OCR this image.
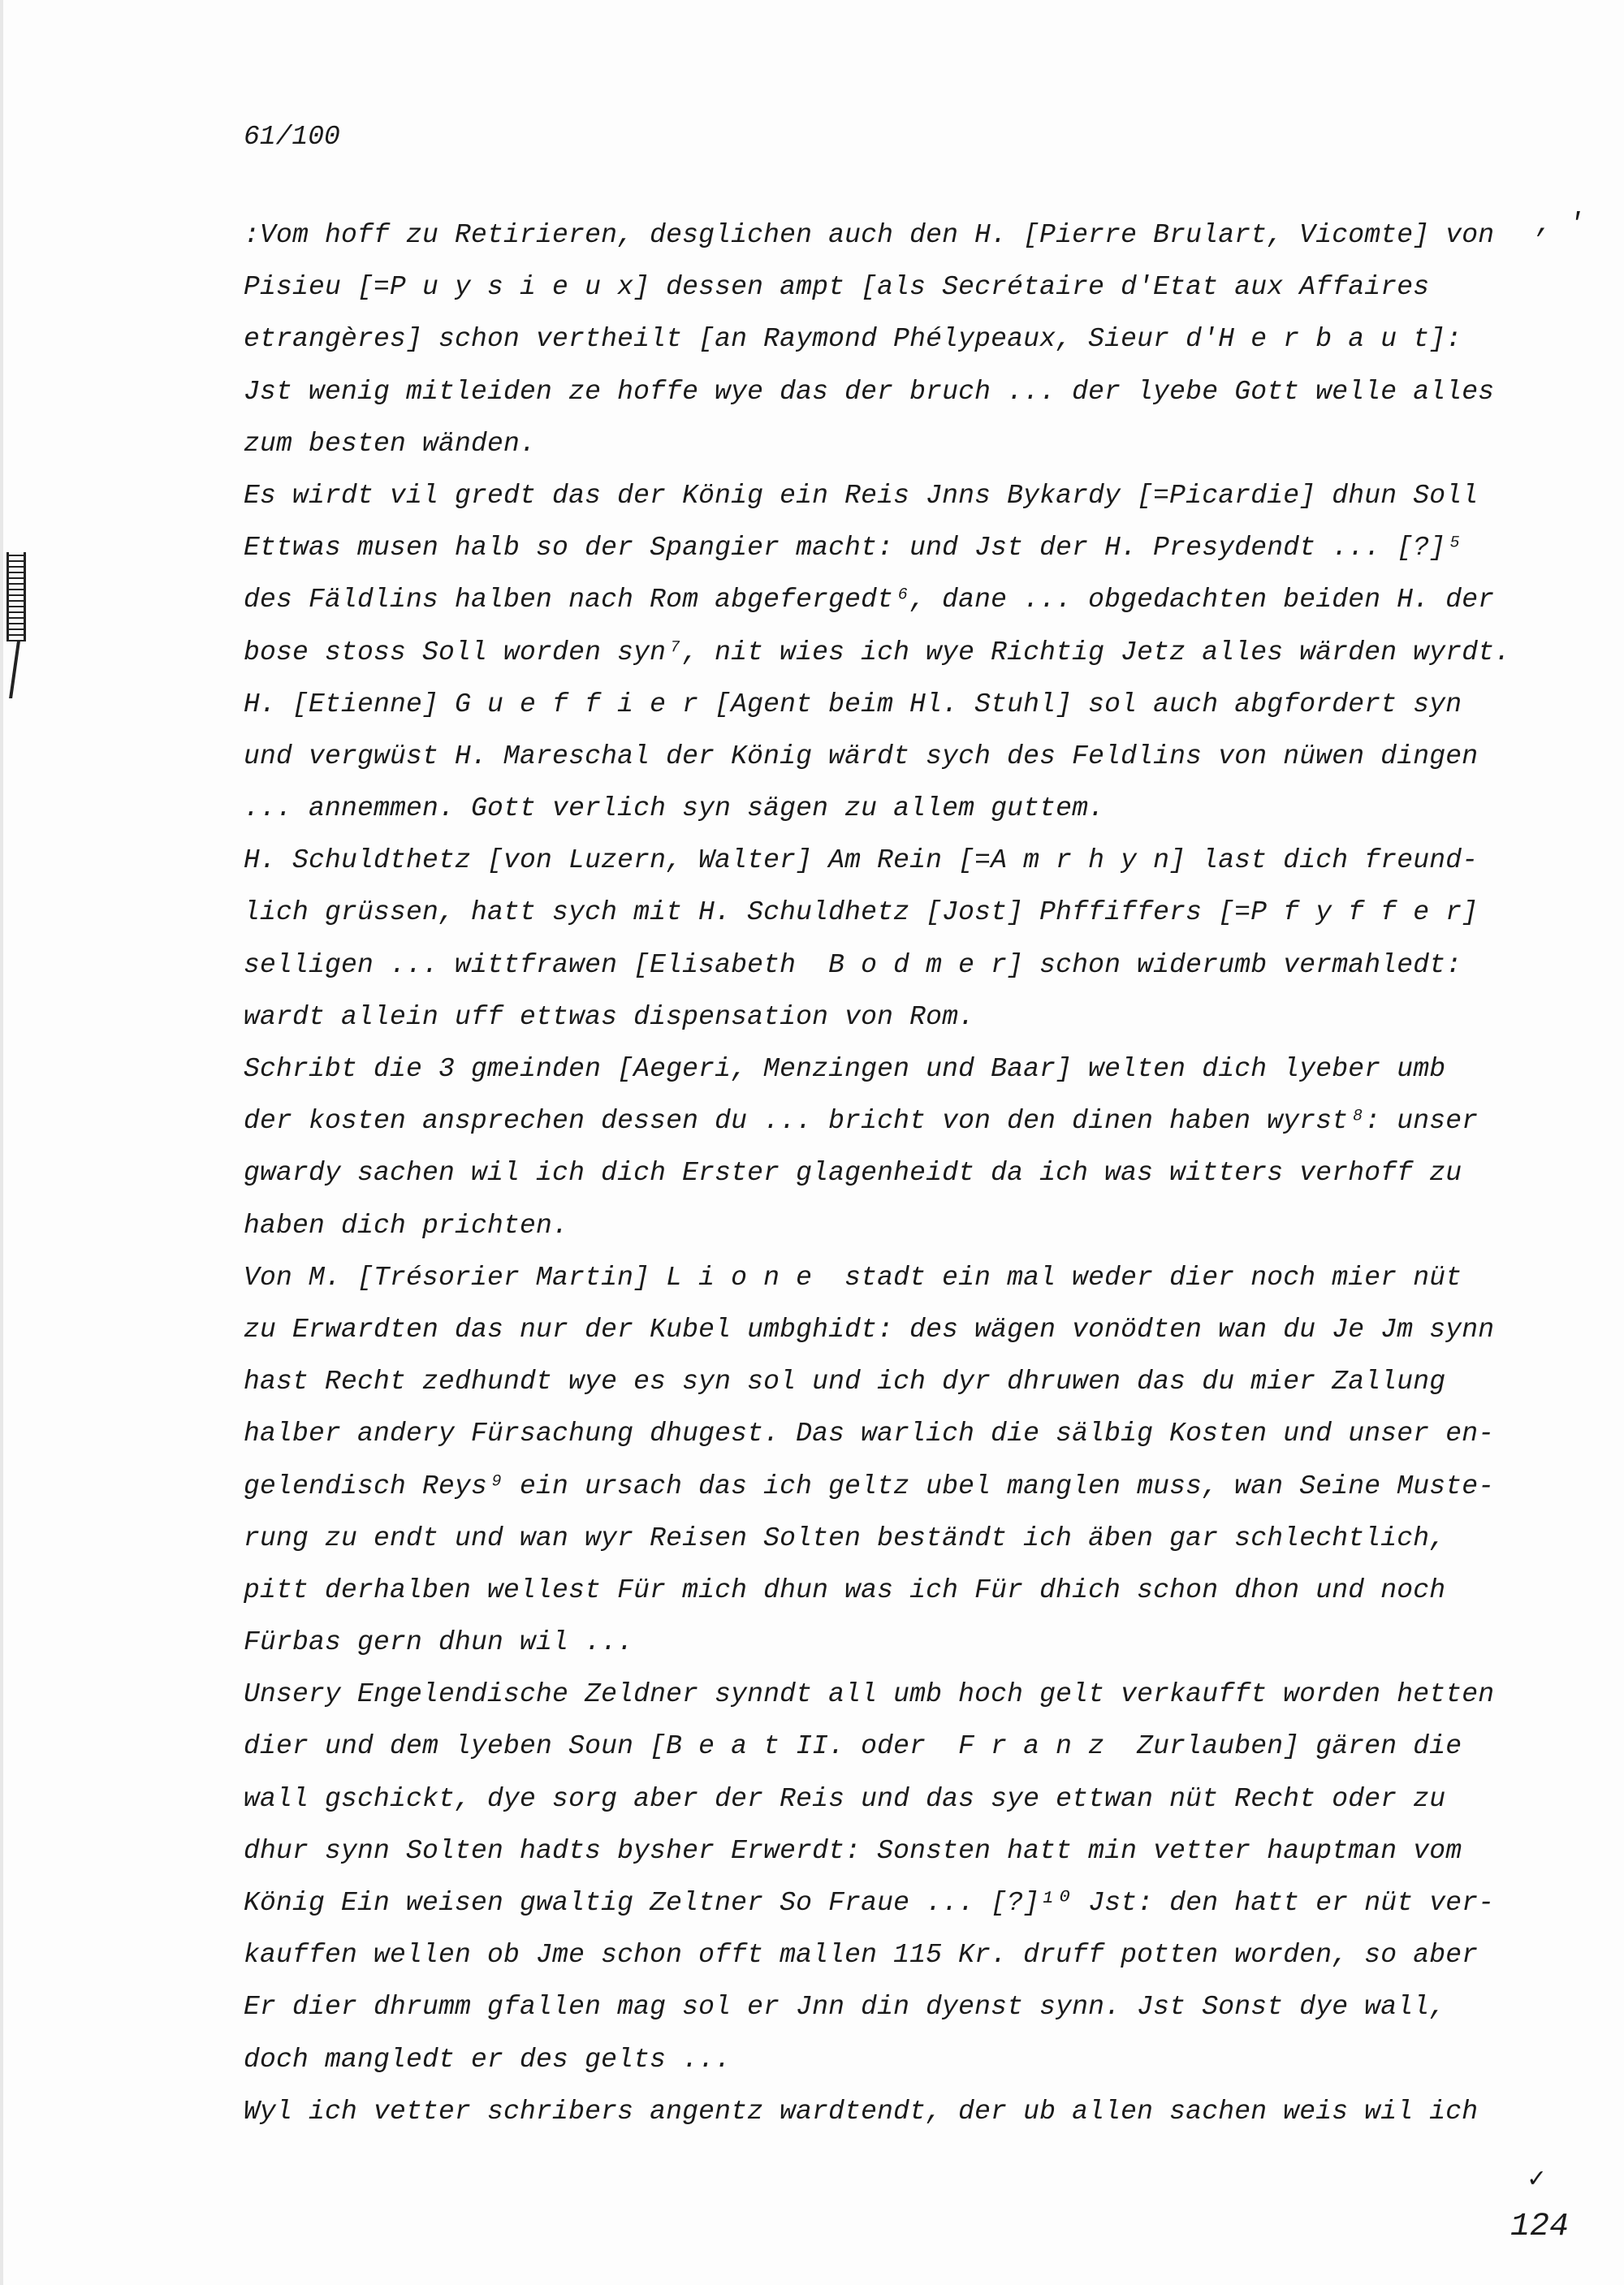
61/100
‚ '
:Vom hoff zu Retirieren, desglichen auch den H. [Pierre Brulart, Vicomte] von
Pisieu [=P u y s i e u x] dessen ampt [als Secrétaire d'Etat aux Affaires
etrangères] schon vertheilt [an Raymond Phélypeaux, Sieur d'H e r b a u t]:
Jst wenig mitleiden ze hoffe wye das der bruch ... der lyebe Gott welle alles
zum besten wänden.
Es wirdt vil gredt das der König ein Reis Jnns Bykardy [=Picardie] dhun Soll
Ettwas musen halb so der Spangier macht: und Jst der H. Presydendt ... [?]⁵
des Fäldlins halben nach Rom abgefergedt⁶, dane ... obgedachten beiden H. der
bose stoss Soll worden syn⁷, nit wies ich wye Richtig Jetz alles wärden wyrdt.
H. [Etienne] G u e f f i e r [Agent beim Hl. Stuhl] sol auch abgfordert syn
und vergwüst H. Mareschal der König wärdt sych des Feldlins von nüwen dingen
... annemmen. Gott verlich syn sägen zu allem guttem.
H. Schuldthetz [von Luzern, Walter] Am Rein [=A m r h y n] last dich freund-
lich grüssen, hatt sych mit H. Schuldhetz [Jost] Phffiffers [=P f y f f e r]
selligen ... wittfrawen [Elisabeth  B o d m e r] schon widerumb vermahledt:
wardt allein uff ettwas dispensation von Rom.
Schribt die 3 gmeinden [Aegeri, Menzingen und Baar] welten dich lyeber umb
der kosten ansprechen dessen du ... bricht von den dinen haben wyrst⁸: unser
gwardy sachen wil ich dich Erster glagenheidt da ich was witters verhoff zu
haben dich prichten.
Von M. [Trésorier Martin] L i o n e  stadt ein mal weder dier noch mier nüt
zu Erwardten das nur der Kubel umbghidt: des wägen vonödten wan du Je Jm synn
hast Recht zedhundt wye es syn sol und ich dyr dhruwen das du mier Zallung
halber andery Fürsachung dhugest. Das warlich die sälbig Kosten und unser en-
gelendisch Reys⁹ ein ursach das ich geltz ubel manglen muss, wan Seine Muste-
rung zu endt und wan wyr Reisen Solten beständt ich äben gar schlechtlich,
pitt derhalben wellest Für mich dhun was ich Für dhich schon dhon und noch
Fürbas gern dhun wil ...
Unsery Engelendische Zeldner synndt all umb hoch gelt verkaufft worden hetten
dier und dem lyeben Soun [B e a t II. oder  F r a n z  Zurlauben] gären die
wall gschickt, dye sorg aber der Reis und das sye ettwan nüt Recht oder zu
dhur synn Solten hadts bysher Erwerdt: Sonsten hatt min vetter hauptman vom
König Ein weisen gwaltig Zeltner So Fraue ... [?]¹⁰ Jst: den hatt er nüt ver-
kauffen wellen ob Jme schon offt mallen 115 Kr. druff potten worden, so aber
Er dier dhrumm gfallen mag sol er Jnn din dyenst synn. Jst Sonst dye wall,
doch mangledt er des gelts ...
Wyl ich vetter schribers angentz wardtendt, der ub allen sachen weis wil ich
✓
124
